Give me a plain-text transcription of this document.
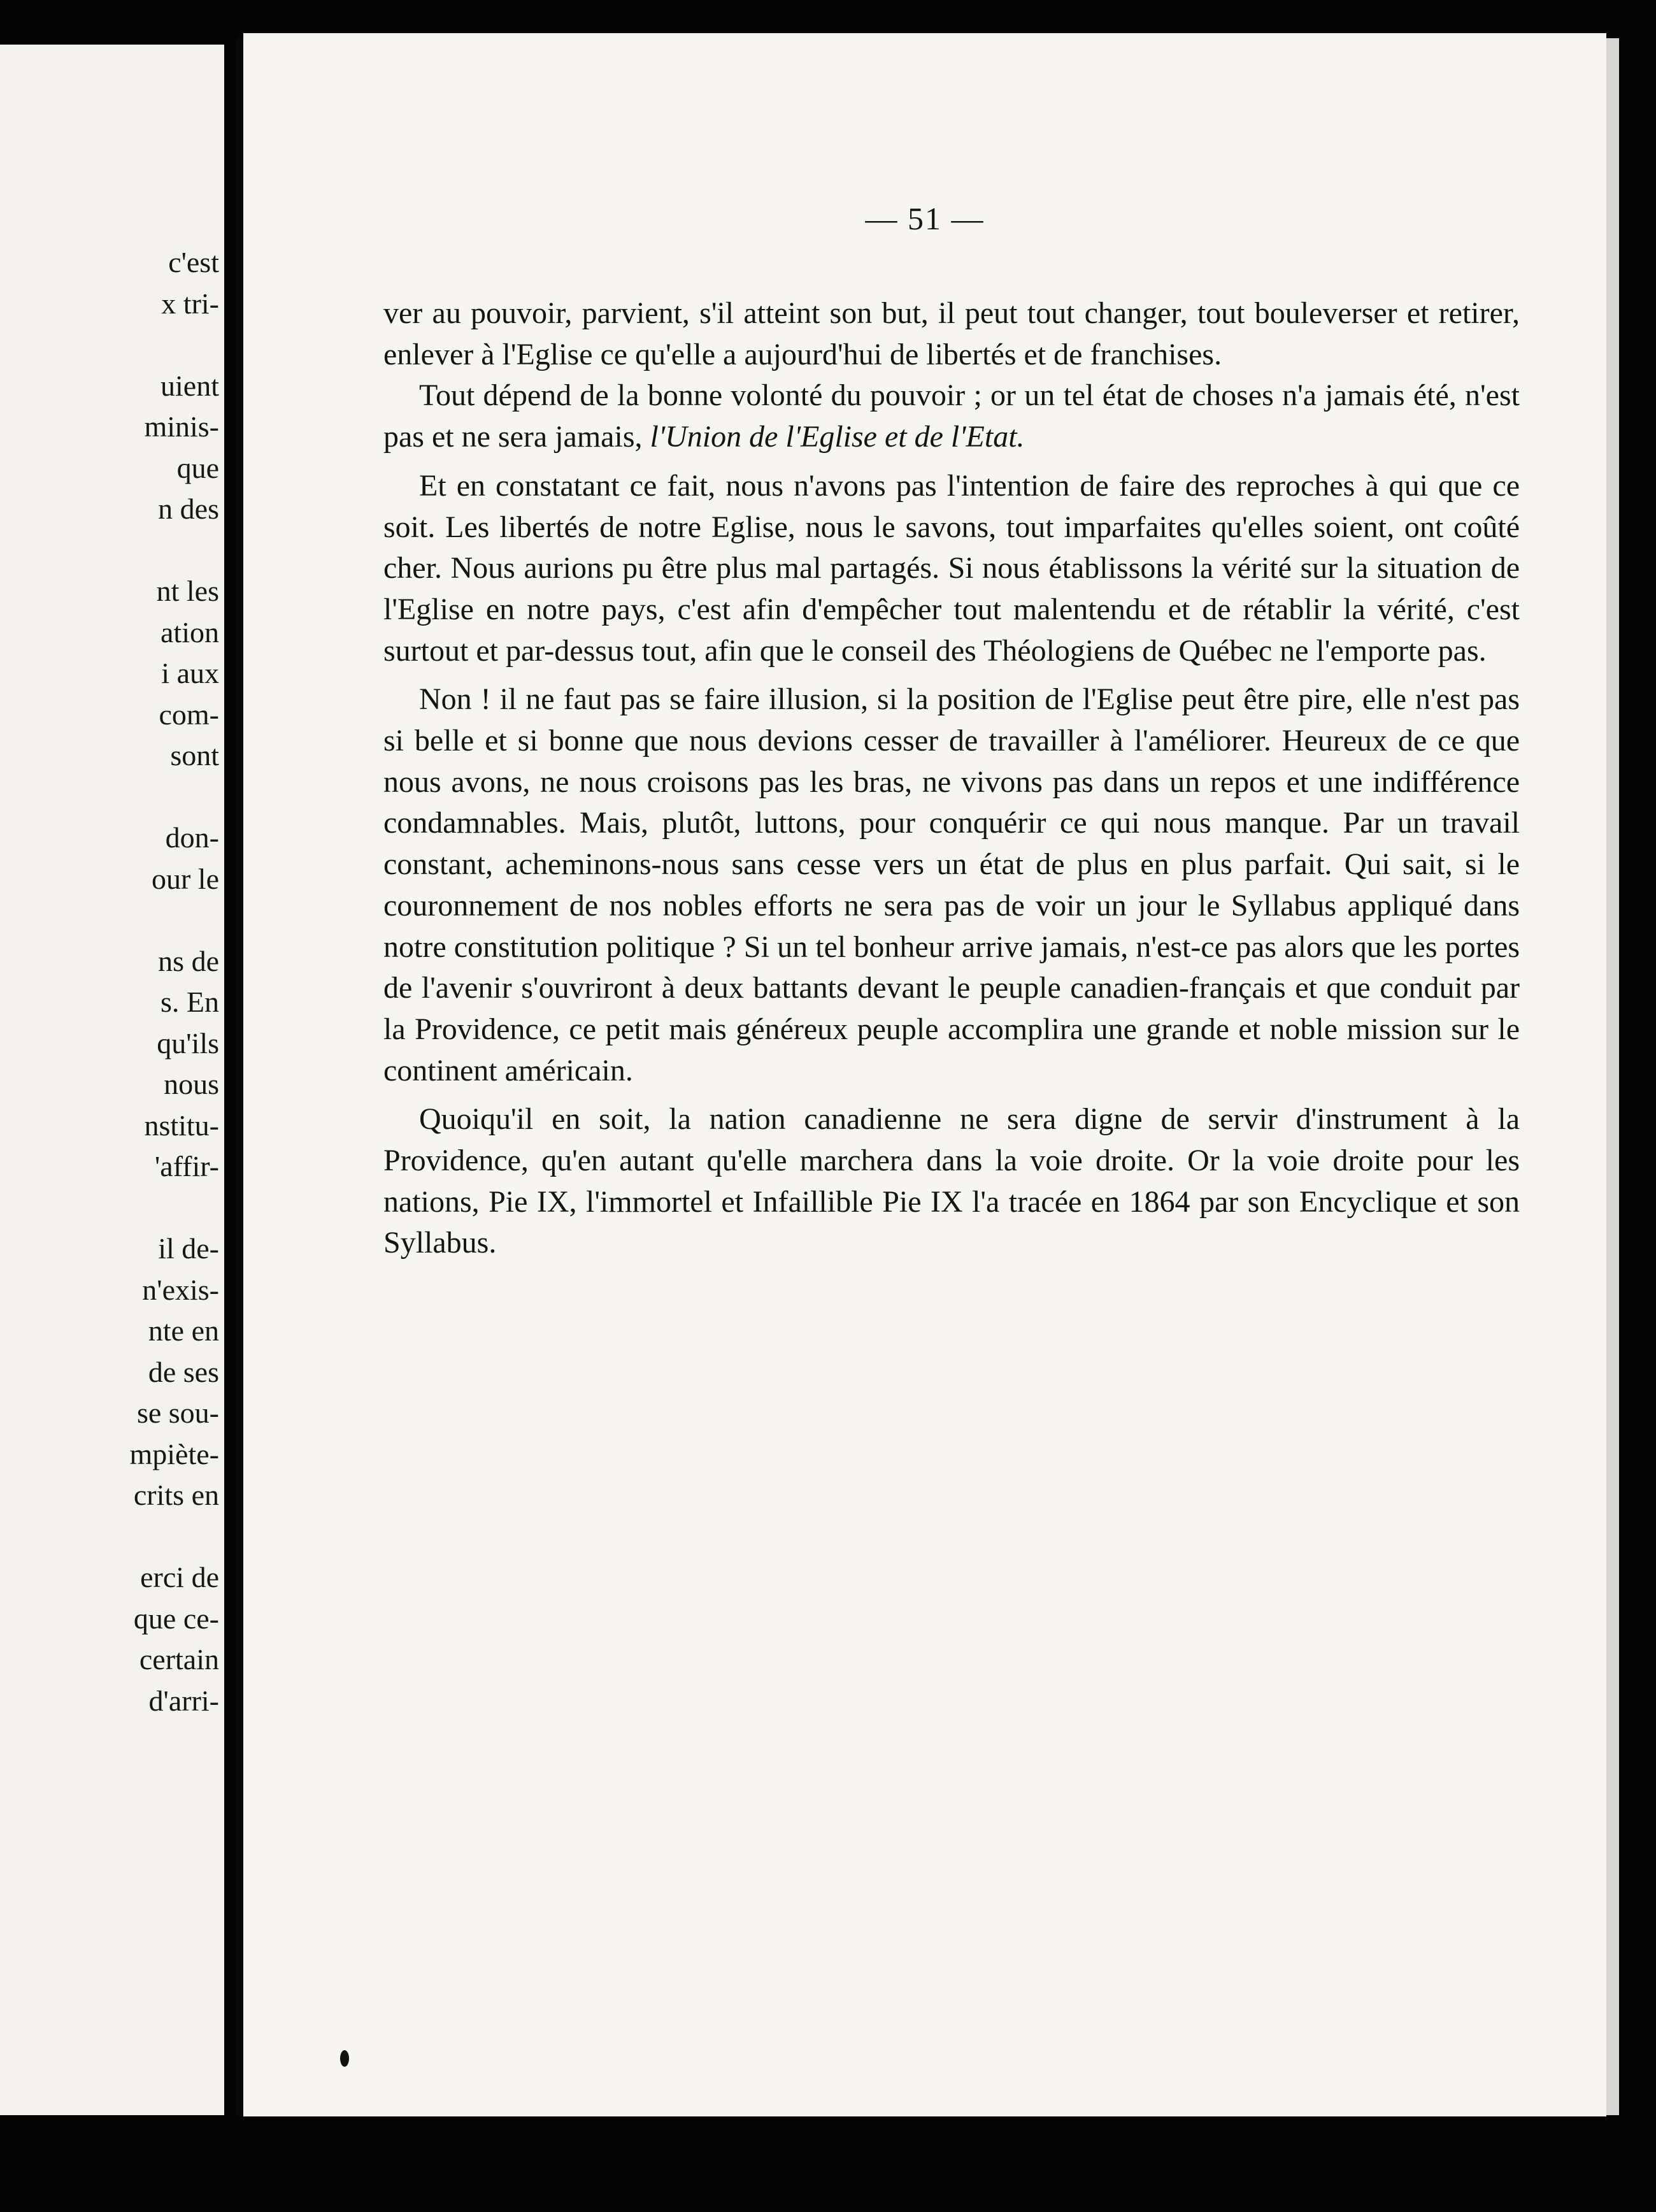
c'est
x tri-

uient
minis-
que
n des

nt les
ation
i aux
com-
sont

don-
our le

ns de
s. En
qu'ils
nous
nstitu-
'affir-

il de-
n'exis-
nte en
de ses
se sou-
mpiète-
crits en

erci de
que ce-
certain
d'arri-
— 51 —

ver au pouvoir, parvient, s'il atteint son but, il peut tout changer, tout bouleverser et retirer, enlever à l'Eglise ce qu'elle a aujourd'hui de libertés et de franchises.

Tout dépend de la bonne volonté du pouvoir ; or un tel état de choses n'a jamais été, n'est pas et ne sera jamais, l'Union de l'Eglise et de l'Etat.

Et en constatant ce fait, nous n'avons pas l'intention de faire des reproches à qui que ce soit. Les libertés de notre Eglise, nous le savons, tout imparfaites qu'elles soient, ont coûté cher. Nous aurions pu être plus mal partagés. Si nous établissons la vérité sur la situation de l'Eglise en notre pays, c'est afin d'empêcher tout malentendu et de rétablir la vérité, c'est surtout et par-dessus tout, afin que le conseil des Théologiens de Québec ne l'emporte pas.

Non ! il ne faut pas se faire illusion, si la position de l'Eglise peut être pire, elle n'est pas si belle et si bonne que nous devions cesser de travailler à l'améliorer. Heureux de ce que nous avons, ne nous croisons pas les bras, ne vivons pas dans un repos et une indifférence condamnables. Mais, plutôt, luttons, pour conquérir ce qui nous manque. Par un travail constant, acheminons-nous sans cesse vers un état de plus en plus parfait. Qui sait, si le couronnement de nos nobles efforts ne sera pas de voir un jour le Syllabus appliqué dans notre constitution politique ? Si un tel bonheur arrive jamais, n'est-ce pas alors que les portes de l'avenir s'ouvriront à deux battants devant le peuple canadien-français et que conduit par la Providence, ce petit mais généreux peuple accomplira une grande et noble mission sur le continent américain.

Quoiqu'il en soit, la nation canadienne ne sera digne de servir d'instrument à la Providence, qu'en autant qu'elle marchera dans la voie droite. Or la voie droite pour les nations, Pie IX, l'immortel et Infaillible Pie IX l'a tracée en 1864 par son Encyclique et son Syllabus.
